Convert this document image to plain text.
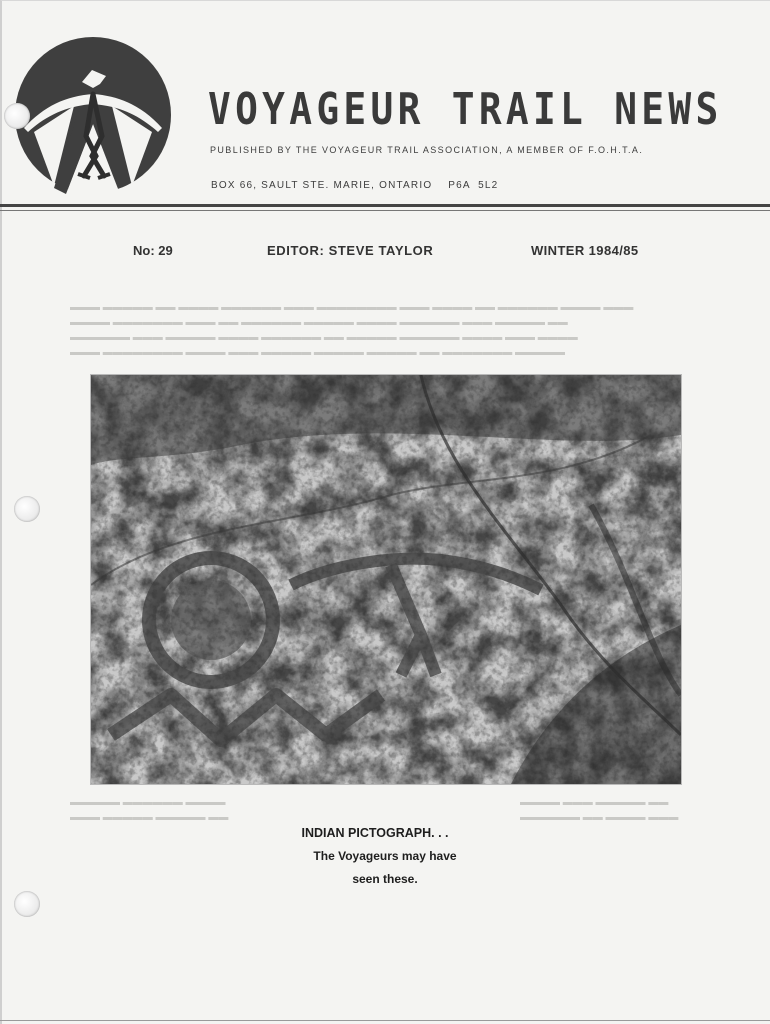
▬▬▬ ▬▬▬▬▬ ▬▬ ▬▬▬▬ ▬▬▬▬▬▬ ▬▬▬ ▬▬▬▬▬▬▬▬ ▬▬▬ ▬▬▬▬ ▬▬ ▬▬▬▬▬▬ ▬▬▬▬ ▬▬▬
▬▬▬▬ ▬▬▬▬▬▬▬ ▬▬▬ ▬▬ ▬▬▬▬▬▬ ▬▬▬▬▬ ▬▬▬▬ ▬▬▬▬▬▬ ▬▬▬ ▬▬▬▬▬ ▬▬
▬▬▬▬▬▬ ▬▬▬ ▬▬▬▬▬ ▬▬▬▬ ▬▬▬▬▬▬ ▬▬ ▬▬▬▬▬ ▬▬▬▬▬▬ ▬▬▬▬ ▬▬▬ ▬▬▬▬
▬▬▬ ▬▬▬▬▬▬▬▬ ▬▬▬▬ ▬▬▬ ▬▬▬▬▬ ▬▬▬▬▬ ▬▬▬▬▬ ▬▬ ▬▬▬▬▬▬▬ ▬▬▬▬▬
▬▬▬▬▬ ▬▬▬▬▬▬ ▬▬▬▬
▬▬▬ ▬▬▬▬▬ ▬▬▬▬▬ ▬▬
▬▬▬▬ ▬▬▬ ▬▬▬▬▬ ▬▬
▬▬▬▬▬▬ ▬▬ ▬▬▬▬ ▬▬▬
VOYAGEUR TRAIL NEWS
PUBLISHED BY THE VOYAGEUR TRAIL ASSOCIATION, A MEMBER OF F.O.H.T.A.
BOX 66, SAULT STE. MARIE, ONTARIO    P6A  5L2
No: 29	EDITOR: STEVE TAYLOR	WINTER 1984/85
INDIAN PICTOGRAPH. . .
The Voyageurs may have
seen these.
